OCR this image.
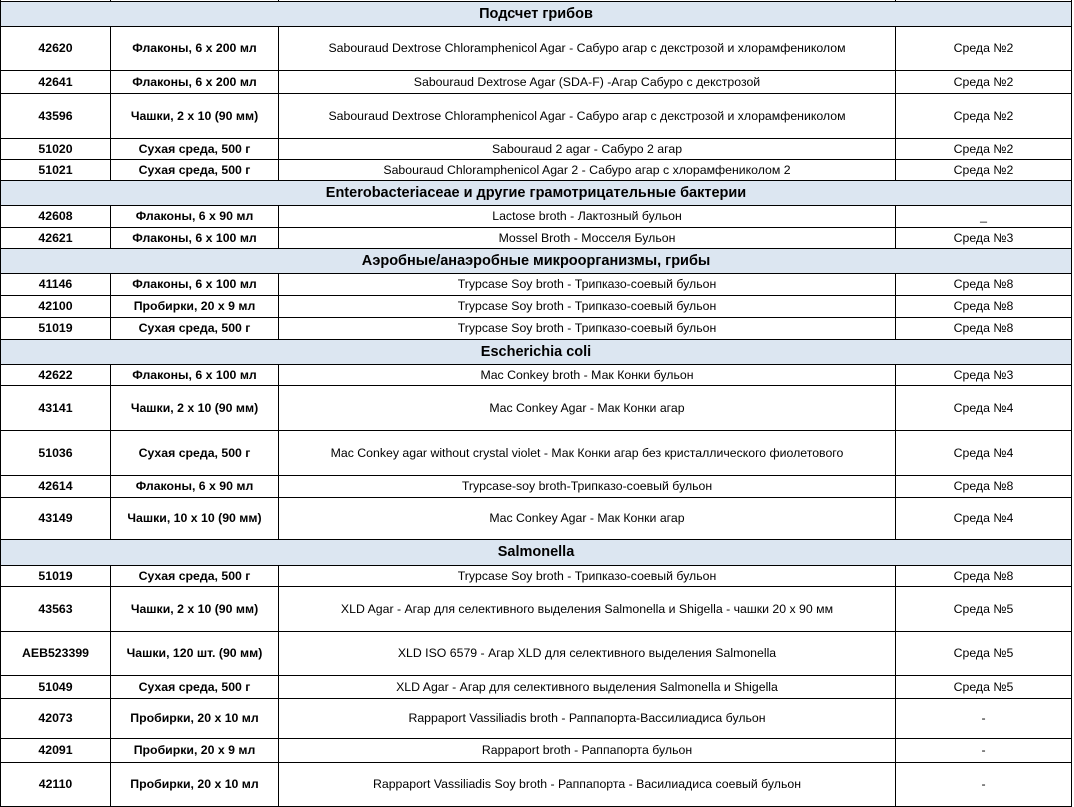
Подсчет грибов			
42620	Флаконы, 6 x 200 мл	Sabouraud Dextrose Chloramphenicol Agar - Сабуро агар с декстрозой и хлорамфениколом	Среда №2
42641	Флаконы, 6 x 200 мл	Sabouraud Dextrose Agar (SDA-F) -Агар Сабуро с декстрозой	Среда №2
43596	Чашки, 2 x 10 (90 мм)	Sabouraud Dextrose Chloramphenicol Agar - Сабуро агар с декстрозой и хлорамфениколом	Среда №2
51020	Сухая среда, 500 г	Sabouraud 2 agar - Сабуро 2 агар	Среда №2
51021	Сухая среда, 500 г	Sabouraud Chloramphenicol Agar 2 - Сабуро агар с хлорамфениколом 2	Среда №2
Enterobacteriaceae и другие грамотрицательные бактерии			
42608	Флаконы, 6 x 90 мл	Lactose broth - Лактозный бульон	_
42621	Флаконы, 6 x 100 мл	Mossel Broth - Мосселя Бульон	Среда №3
Аэробные/анаэробные микроорганизмы, грибы			
41146	Флаконы, 6 x 100 мл	Trypcase Soy broth - Трипказо-соевый бульон	Среда №8
42100	Пробирки, 20 x 9 мл	Trypcase Soy broth - Трипказо-соевый бульон	Среда №8
51019	Сухая среда, 500 г	Trypcase Soy broth - Трипказо-соевый бульон	Среда №8
Escherichia coli			
42622	Флаконы, 6 x 100 мл	Mac Conkey broth - Мак Конки бульон	Среда №3
43141	Чашки, 2 x 10 (90 мм)	Mac Conkey Agar - Мак Конки агар	Среда №4
51036	Сухая среда, 500 г	Mac Conkey agar without crystal violet - Мак Конки агар без кристаллического фиолетового	Среда №4
42614	Флаконы, 6 x 90 мл	Trypcase-soy broth-Трипказо-соевый бульон	Среда №8
43149	Чашки, 10 x 10 (90 мм)	Mac Conkey Agar - Мак Конки агар	Среда №4
Salmonella			
51019	Сухая среда, 500 г	Trypcase Soy broth - Трипказо-соевый бульон	Среда №8
43563	Чашки, 2 x 10 (90 мм)	XLD Agar - Агар для селективного выделения Salmonella и Shigella - чашки 20 х 90 мм	Среда №5
AEB523399	Чашки, 120 шт. (90 мм)	XLD ISO 6579 - Агар XLD для селективного выделения Salmonella	Среда №5
51049	Сухая среда, 500 г	XLD Agar - Агар для селективного выделения Salmonella и Shigella	Среда №5
42073	Пробирки, 20 x 10 мл	Rappaport Vassiliadis broth - Раппапорта-Вассилиадиса бульон	-
42091	Пробирки, 20 x 9 мл	Rappaport broth - Раппапорта бульон	-
42110	Пробирки, 20 x 10 мл	Rappaport Vassiliadis Soy broth - Раппапорта - Василиадиса соевый бульон	-
